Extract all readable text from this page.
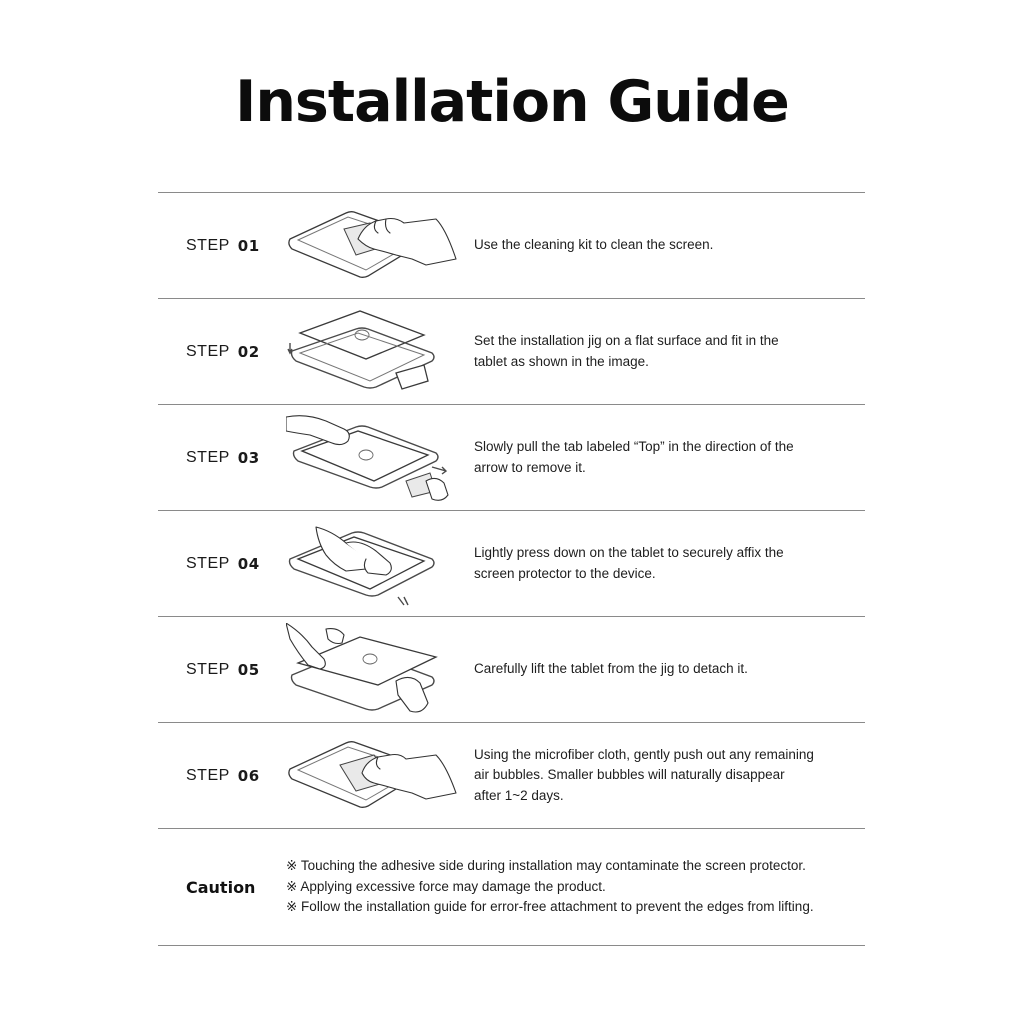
Installation Guide
STEP 01	Use the cleaning kit to clean the screen.
STEP 02
Set the installation jig on a flat surface and fit in the
tablet as shown in the image.
STEP 03
Slowly pull the tab labeled “Top” in the direction of the
arrow to remove it.
STEP 04
Lightly press down on the tablet to securely affix the
screen protector to the device.
STEP 05	Carefully lift the tablet from the jig to detach it.
STEP 06
Using the microfiber cloth, gently push out any remaining
air bubbles. Smaller bubbles will naturally disappear
after 1~2 days.
Caution
※ Touching the adhesive side during installation may contaminate the screen protector.
※ Applying excessive force may damage the product.
※ Follow the installation guide for error-free attachment to prevent the edges from lifting.
